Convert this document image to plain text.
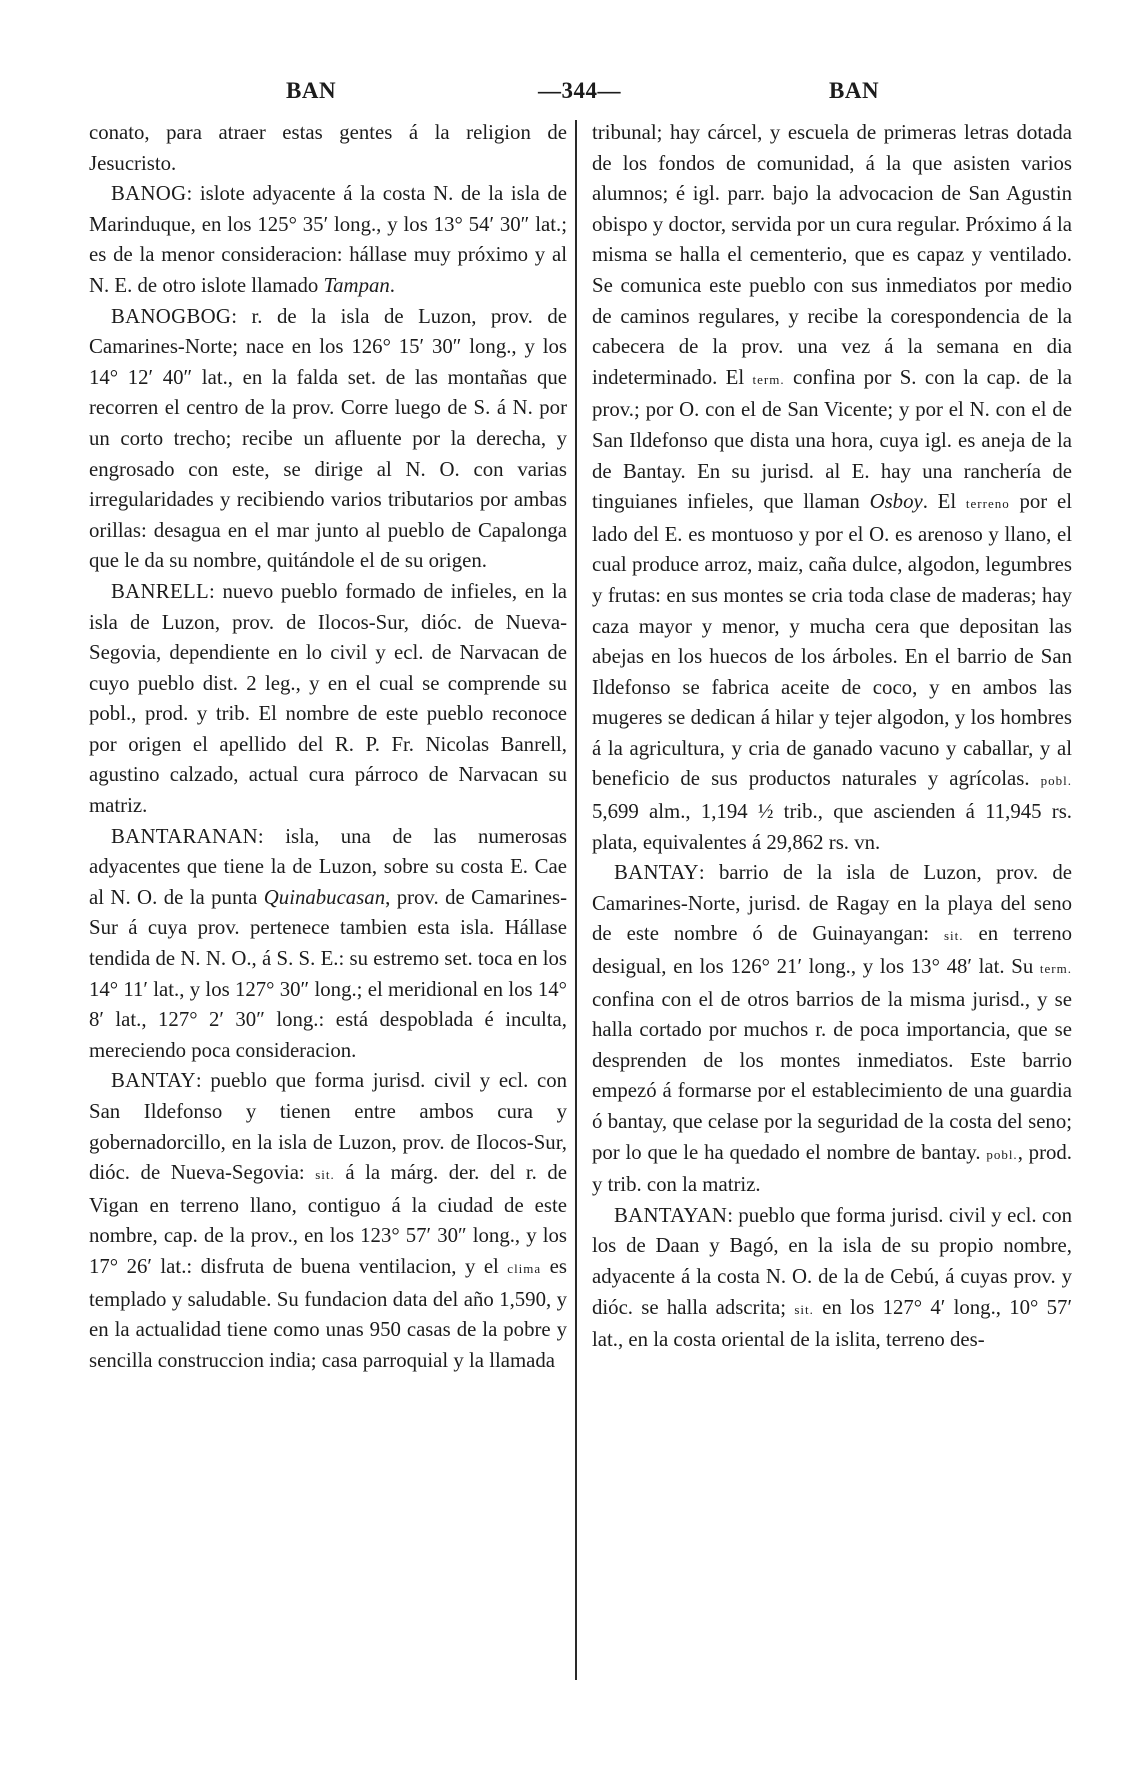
BAN	—344—	BAN

conato, para atraer estas gentes á la religion de Jesucristo.

BANOG: islote adyacente á la costa N. de la isla de Marinduque, en los 125° 35′ long., y los 13° 54′ 30″ lat.; es de la menor consideracion: hállase muy próximo y al N. E. de otro islote llamado Tampan.

BANOGBOG: r. de la isla de Luzon, prov. de Camarines-Norte; nace en los 126° 15′ 30″ long., y los 14° 12′ 40″ lat., en la falda set. de las montañas que recorren el centro de la prov. Corre luego de S. á N. por un corto trecho; recibe un afluente por la derecha, y engrosado con este, se dirige al N. O. con varias irregularidades y recibiendo varios tributarios por ambas orillas: desagua en el mar junto al pueblo de Capalonga que le da su nombre, quitándole el de su origen.

BANRELL: nuevo pueblo formado de infieles, en la isla de Luzon, prov. de Ilocos-Sur, dióc. de Nueva-Segovia, dependiente en lo civil y ecl. de Narvacan de cuyo pueblo dist. 2 leg., y en el cual se comprende su pobl., prod. y trib. El nombre de este pueblo reconoce por origen el apellido del R. P. Fr. Nicolas Banrell, agustino calzado, actual cura párroco de Narvacan su matriz.

BANTARANAN: isla, una de las numerosas adyacentes que tiene la de Luzon, sobre su costa E. Cae al N. O. de la punta Quinabucasan, prov. de Camarines-Sur á cuya prov. pertenece tambien esta isla. Hállase tendida de N. N. O., á S. S. E.: su estremo set. toca en los 14° 11′ lat., y los 127° 30″ long.; el meridional en los 14° 8′ lat., 127° 2′ 30″ long.: está despoblada é inculta, mereciendo poca consideracion.

BANTAY: pueblo que forma jurisd. civil y ecl. con San Ildefonso y tienen entre ambos cura y gobernadorcillo, en la isla de Luzon, prov. de Ilocos-Sur, dióc. de Nueva-Segovia: sit. á la márg. der. del r. de Vigan en terreno llano, contiguo á la ciudad de este nombre, cap. de la prov., en los 123° 57′ 30″ long., y los 17° 26′ lat.: disfruta de buena ventilacion, y el clima es templado y saludable. Su fundacion data del año 1,590, y en la actualidad tiene como unas 950 casas de la pobre y sencilla construccion india; casa parroquial y la llamada

tribunal; hay cárcel, y escuela de primeras letras dotada de los fondos de comunidad, á la que asisten varios alumnos; é igl. parr. bajo la advocacion de San Agustin obispo y doctor, servida por un cura regular. Próximo á la misma se halla el cementerio, que es capaz y ventilado. Se comunica este pueblo con sus inmediatos por medio de caminos regulares, y recibe la corespondencia de la cabecera de la prov. una vez á la semana en dia indeterminado. El term. confina por S. con la cap. de la prov.; por O. con el de San Vicente; y por el N. con el de San Ildefonso que dista una hora, cuya igl. es aneja de la de Bantay. En su jurisd. al E. hay una ranchería de tinguianes infieles, que llaman Osboy. El terreno por el lado del E. es montuoso y por el O. es arenoso y llano, el cual produce arroz, maiz, caña dulce, algodon, legumbres y frutas: en sus montes se cria toda clase de maderas; hay caza mayor y menor, y mucha cera que depositan las abejas en los huecos de los árboles. En el barrio de San Ildefonso se fabrica aceite de coco, y en ambos las mugeres se dedican á hilar y tejer algodon, y los hombres á la agricultura, y cria de ganado vacuno y caballar, y al beneficio de sus productos naturales y agrícolas. pobl. 5,699 alm., 1,194 ½ trib., que ascienden á 11,945 rs. plata, equivalentes á 29,862 rs. vn.

BANTAY: barrio de la isla de Luzon, prov. de Camarines-Norte, jurisd. de Ragay en la playa del seno de este nombre ó de Guinayangan: sit. en terreno desigual, en los 126° 21′ long., y los 13° 48′ lat. Su term. confina con el de otros barrios de la misma jurisd., y se halla cortado por muchos r. de poca importancia, que se desprenden de los montes inmediatos. Este barrio empezó á formarse por el establecimiento de una guardia ó bantay, que celase por la seguridad de la costa del seno; por lo que le ha quedado el nombre de bantay. pobl., prod. y trib. con la matriz.

BANTAYAN: pueblo que forma jurisd. civil y ecl. con los de Daan y Bagó, en la isla de su propio nombre, adyacente á la costa N. O. de la de Cebú, á cuyas prov. y dióc. se halla adscrita; sit. en los 127° 4′ long., 10° 57′ lat., en la costa oriental de la islita, terreno des-
